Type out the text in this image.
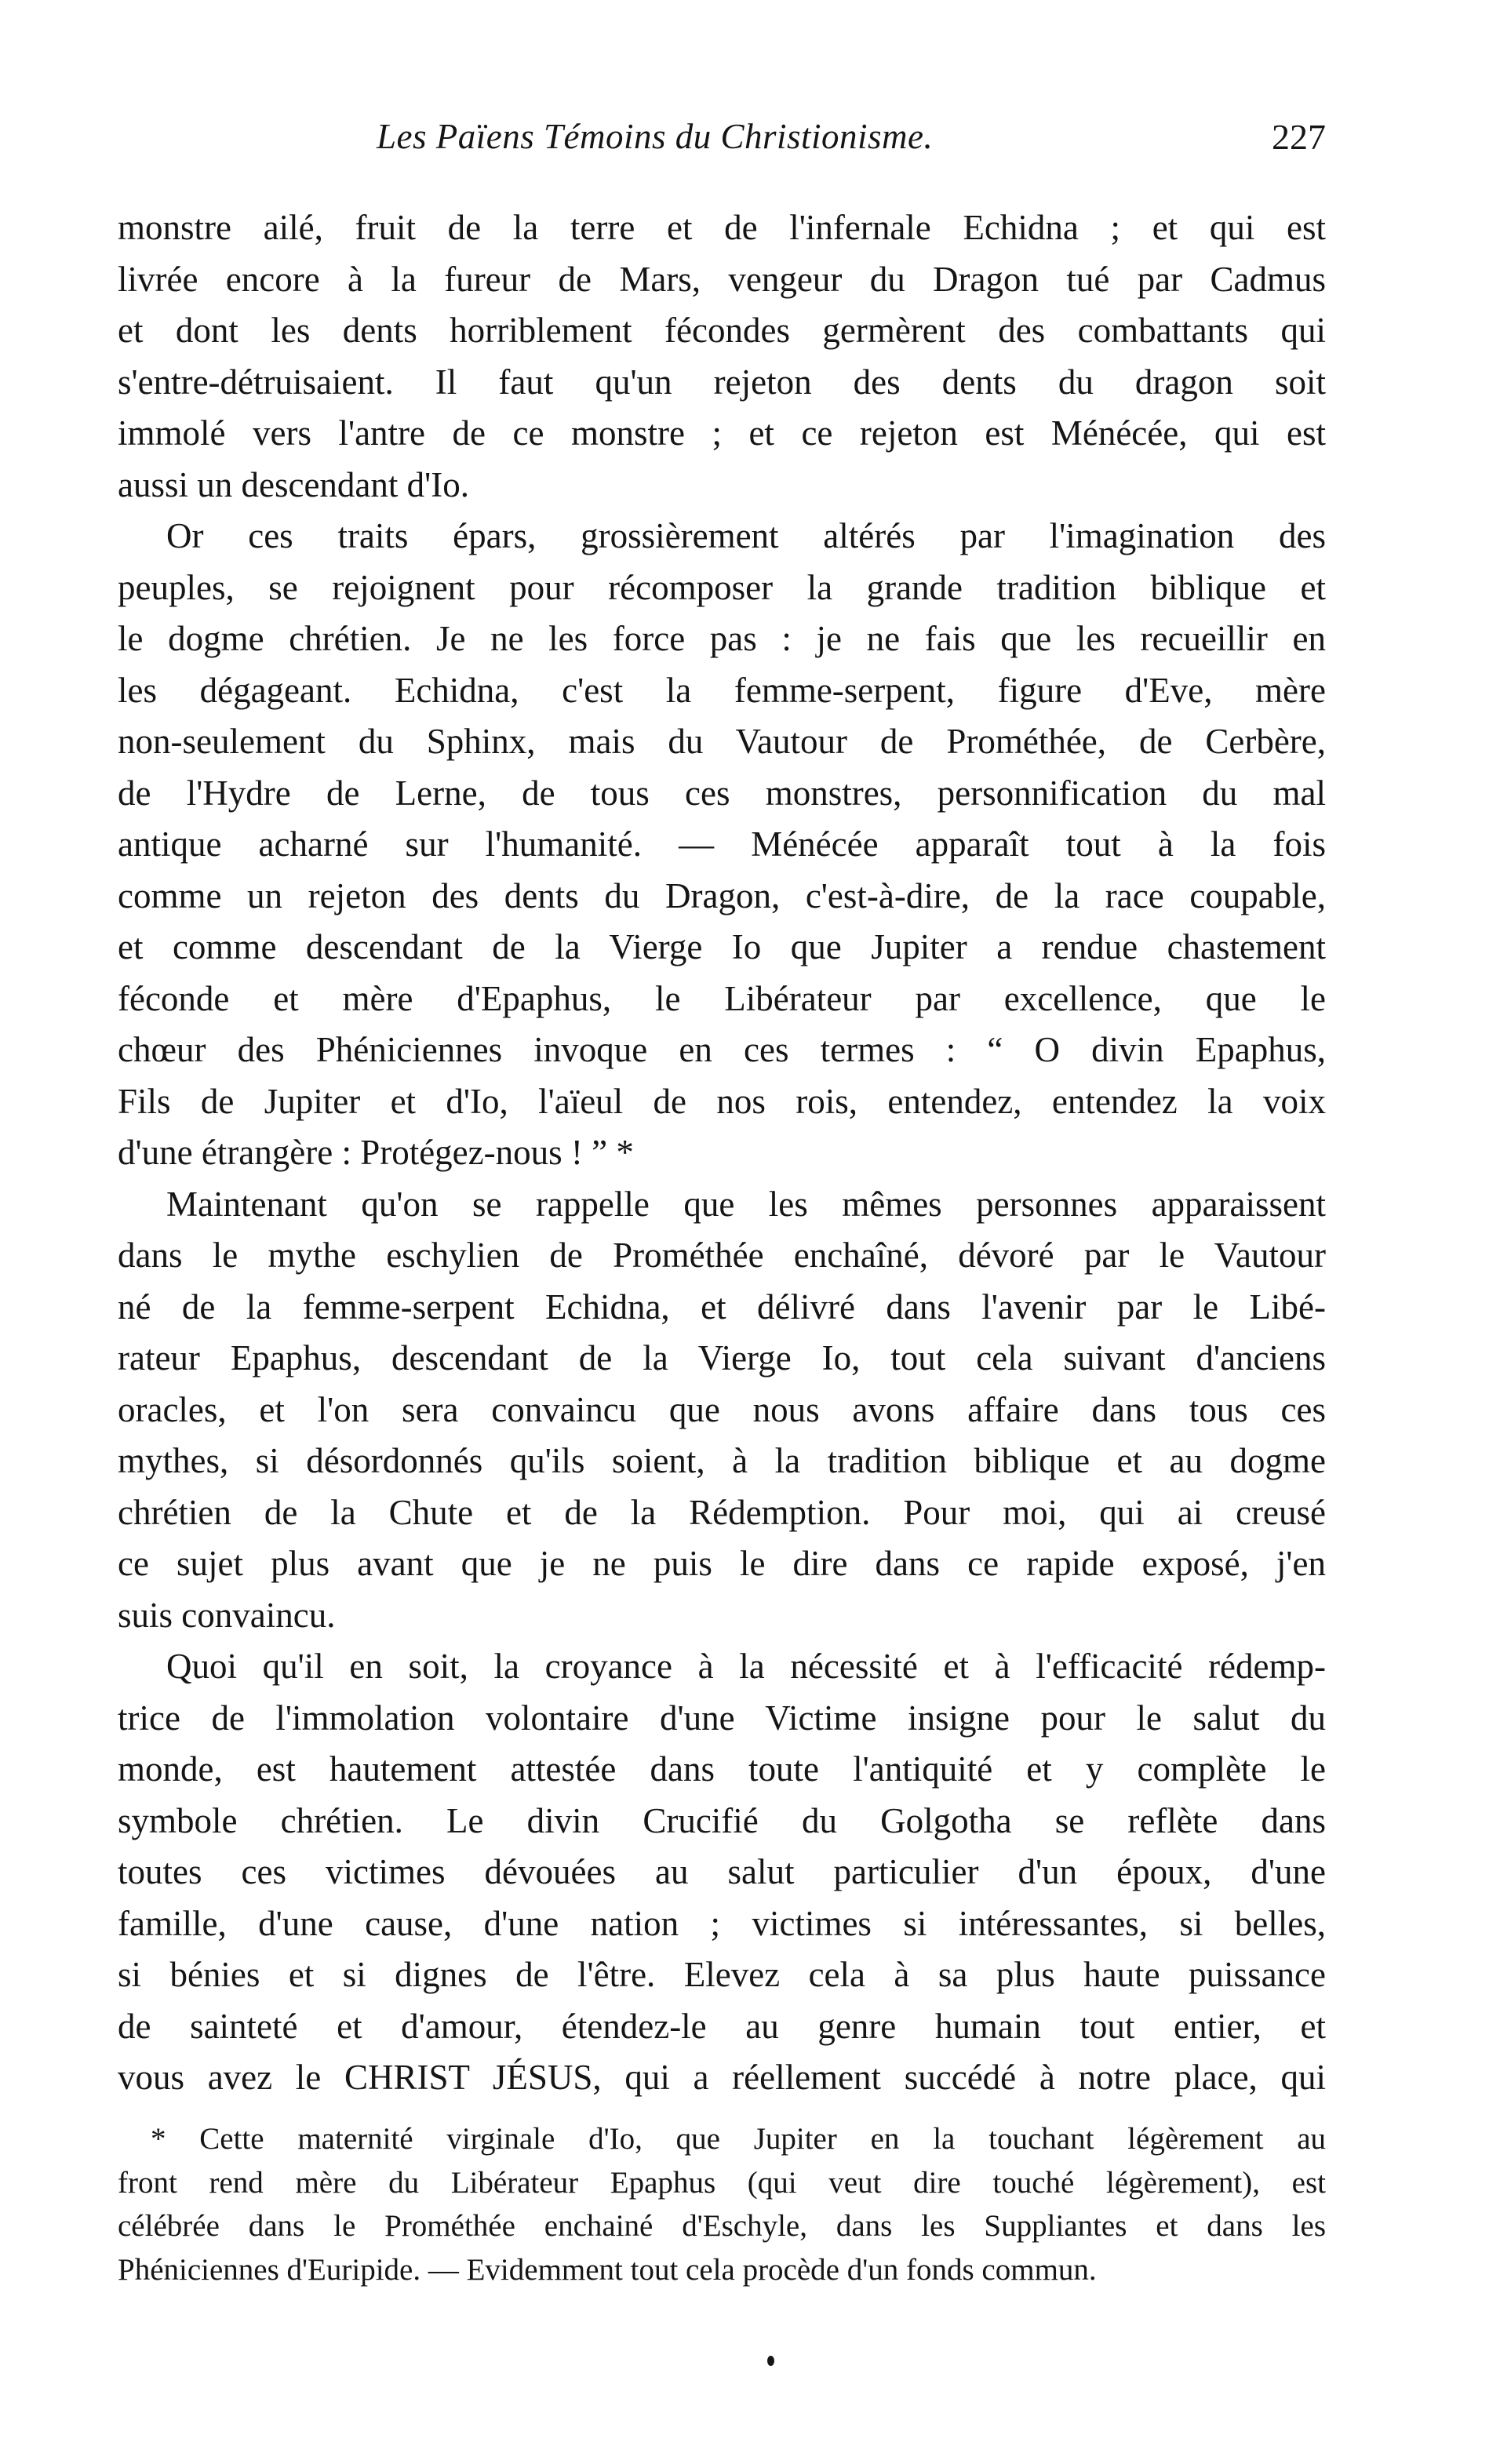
Les Païens Témoins du Christionisme.	227
monstre ailé, fruit de la terre et de l'infernale Echidna ; et qui est
livrée encore à la fureur de Mars, vengeur du Dragon tué par Cadmus
et dont les dents horriblement fécondes germèrent des combattants qui
s'entre-détruisaient. Il faut qu'un rejeton des dents du dragon soit
immolé vers l'antre de ce monstre ; et ce rejeton est Ménécée, qui est
aussi un descendant d'Io.
Or ces traits épars, grossièrement altérés par l'imagination des
peuples, se rejoignent pour récomposer la grande tradition biblique et
le dogme chrétien. Je ne les force pas : je ne fais que les recueillir en
les dégageant. Echidna, c'est la femme-serpent, figure d'Eve, mère
non-seulement du Sphinx, mais du Vautour de Prométhée, de Cerbère,
de l'Hydre de Lerne, de tous ces monstres, personnification du mal
antique acharné sur l'humanité. — Ménécée apparaît tout à la fois
comme un rejeton des dents du Dragon, c'est-à-dire, de la race coupable,
et comme descendant de la Vierge Io que Jupiter a rendue chastement
féconde et mère d'Epaphus, le Libérateur par excellence, que le
chœur des Phéniciennes invoque en ces termes : “ O divin Epaphus,
Fils de Jupiter et d'Io, l'aïeul de nos rois, entendez, entendez la voix
d'une étrangère : Protégez-nous ! ” *
Maintenant qu'on se rappelle que les mêmes personnes apparaissent
dans le mythe eschylien de Prométhée enchaîné, dévoré par le Vautour
né de la femme-serpent Echidna, et délivré dans l'avenir par le Libé-
rateur Epaphus, descendant de la Vierge Io, tout cela suivant d'anciens
oracles, et l'on sera convaincu que nous avons affaire dans tous ces
mythes, si désordonnés qu'ils soient, à la tradition biblique et au dogme
chrétien de la Chute et de la Rédemption. Pour moi, qui ai creusé
ce sujet plus avant que je ne puis le dire dans ce rapide exposé, j'en
suis convaincu.
Quoi qu'il en soit, la croyance à la nécessité et à l'efficacité rédemp-
trice de l'immolation volontaire d'une Victime insigne pour le salut du
monde, est hautement attestée dans toute l'antiquité et y complète le
symbole chrétien. Le divin Crucifié du Golgotha se reflète dans
toutes ces victimes dévouées au salut particulier d'un époux, d'une
famille, d'une cause, d'une nation ; victimes si intéressantes, si belles,
si bénies et si dignes de l'être. Elevez cela à sa plus haute puissance
de sainteté et d'amour, étendez-le au genre humain tout entier, et
vous avez le CHRIST JÉSUS, qui a réellement succédé à notre place, qui
* Cette maternité virginale d'Io, que Jupiter en la touchant légèrement au
front rend mère du Libérateur Epaphus (qui veut dire touché légèrement), est
célébrée dans le Prométhée enchainé d'Eschyle, dans les Suppliantes et dans les
Phéniciennes d'Euripide. — Evidemment tout cela procède d'un fonds commun.
